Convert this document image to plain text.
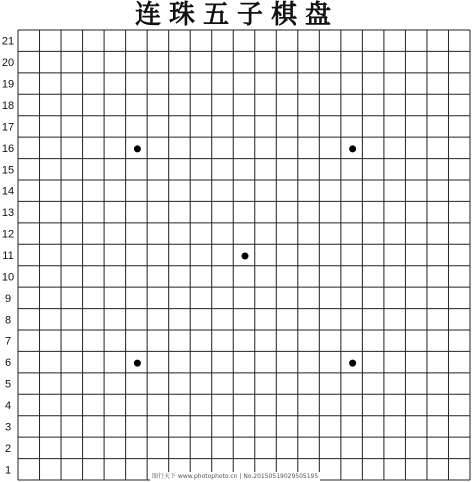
连珠五子棋盘
1
2
3
4
5
6
7
8
9
10
11
12
13
14
15
16
17
18
19
20
21
图行天下 www.photophoto.cn | No.20150519029505195
